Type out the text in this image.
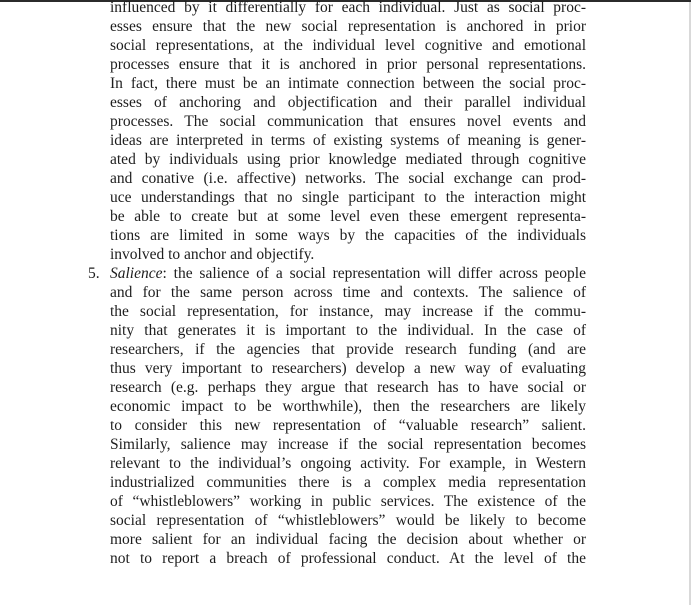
influenced by it differentially for each individual. Just as social proc-
esses ensure that the new social representation is anchored in prior
social representations, at the individual level cognitive and emotional
processes ensure that it is anchored in prior personal representations.
In fact, there must be an intimate connection between the social proc-
esses of anchoring and objectification and their parallel individual
processes. The social communication that ensures novel events and
ideas are interpreted in terms of existing systems of meaning is gener-
ated by individuals using prior knowledge mediated through cognitive
and conative (i.e. affective) networks. The social exchange can prod-
uce understandings that no single participant to the interaction might
be able to create but at some level even these emergent representa-
tions are limited in some ways by the capacities of the individuals
involved to anchor and objectify.
Salience: the salience of a social representation will differ across people
and for the same person across time and contexts. The salience of
the social representation, for instance, may increase if the commu-
nity that generates it is important to the individual. In the case of
researchers, if the agencies that provide research funding (and are
thus very important to researchers) develop a new way of evaluating
research (e.g. perhaps they argue that research has to have social or
economic impact to be worthwhile), then the researchers are likely
to consider this new representation of “valuable research” salient.
Similarly, salience may increase if the social representation becomes
relevant to the individual’s ongoing activity. For example, in Western
industrialized communities there is a complex media representation
of “whistleblowers” working in public services. The existence of the
social representation of “whistleblowers” would be likely to become
more salient for an individual facing the decision about whether or
not to report a breach of professional conduct. At the level of the
5.
